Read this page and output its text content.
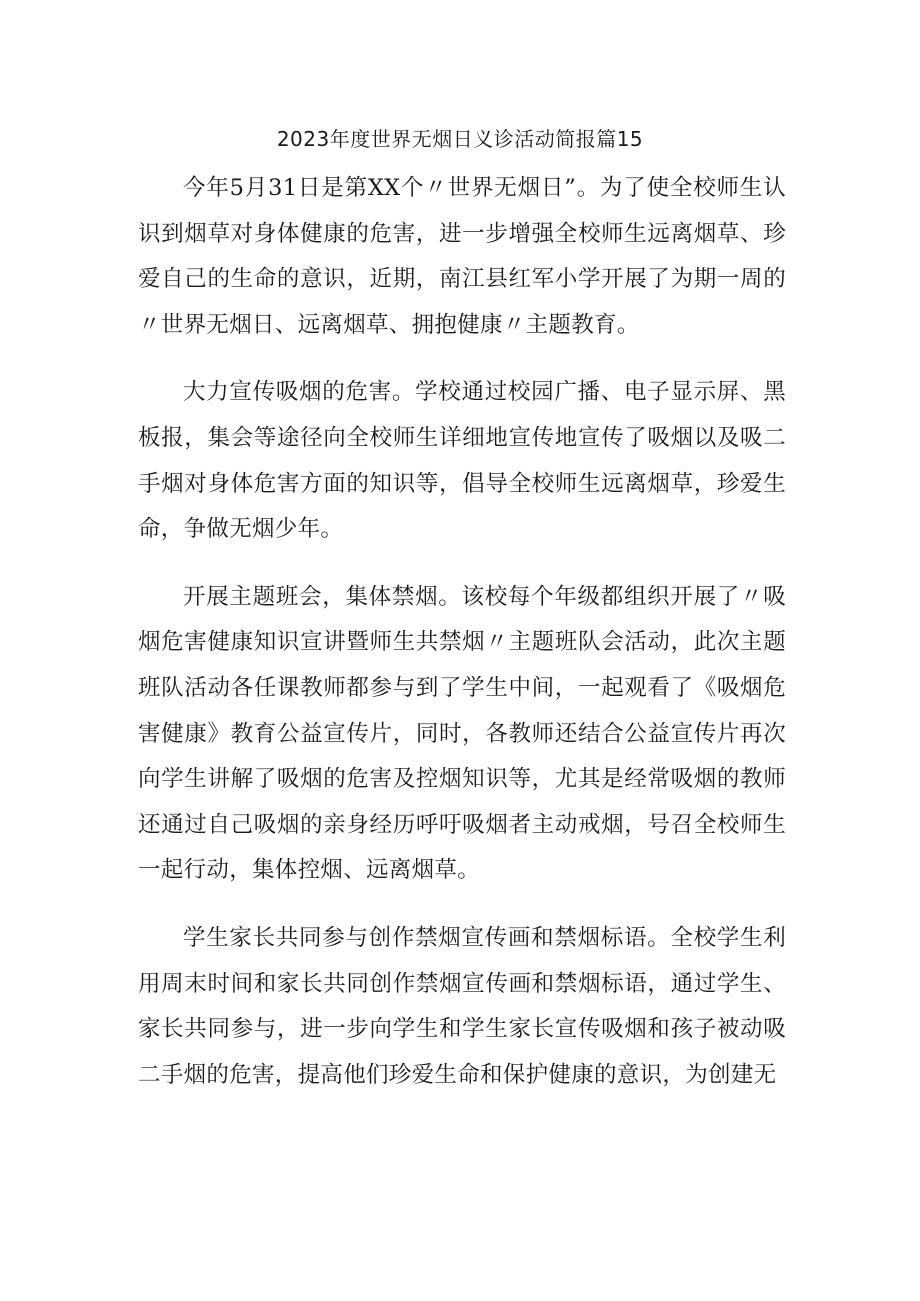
2023年度世界无烟日义诊活动简报篇15

今年5月31日是第XX个〃世界无烟日”。为了使全校师生认识到烟草对身体健康的危害，进一步增强全校师生远离烟草、珍爱自己的生命的意识，近期，南江县红军小学开展了为期一周的〃世界无烟日、远离烟草、拥抱健康〃主题教育。

大力宣传吸烟的危害。学校通过校园广播、电子显示屏、黑板报，集会等途径向全校师生详细地宣传地宣传了吸烟以及吸二手烟对身体危害方面的知识等，倡导全校师生远离烟草，珍爱生命，争做无烟少年。

开展主题班会，集体禁烟。该校每个年级都组织开展了〃吸烟危害健康知识宣讲暨师生共禁烟〃主题班队会活动，此次主题班队活动各任课教师都参与到了学生中间，一起观看了《吸烟危害健康》教育公益宣传片，同时，各教师还结合公益宣传片再次向学生讲解了吸烟的危害及控烟知识等，尤其是经常吸烟的教师还通过自己吸烟的亲身经历呼吁吸烟者主动戒烟，号召全校师生一起行动，集体控烟、远离烟草。

学生家长共同参与创作禁烟宣传画和禁烟标语。全校学生利用周末时间和家长共同创作禁烟宣传画和禁烟标语，通过学生、家长共同参与，进一步向学生和学生家长宣传吸烟和孩子被动吸二手烟的危害，提高他们珍爱生命和保护健康的意识，为创建无
